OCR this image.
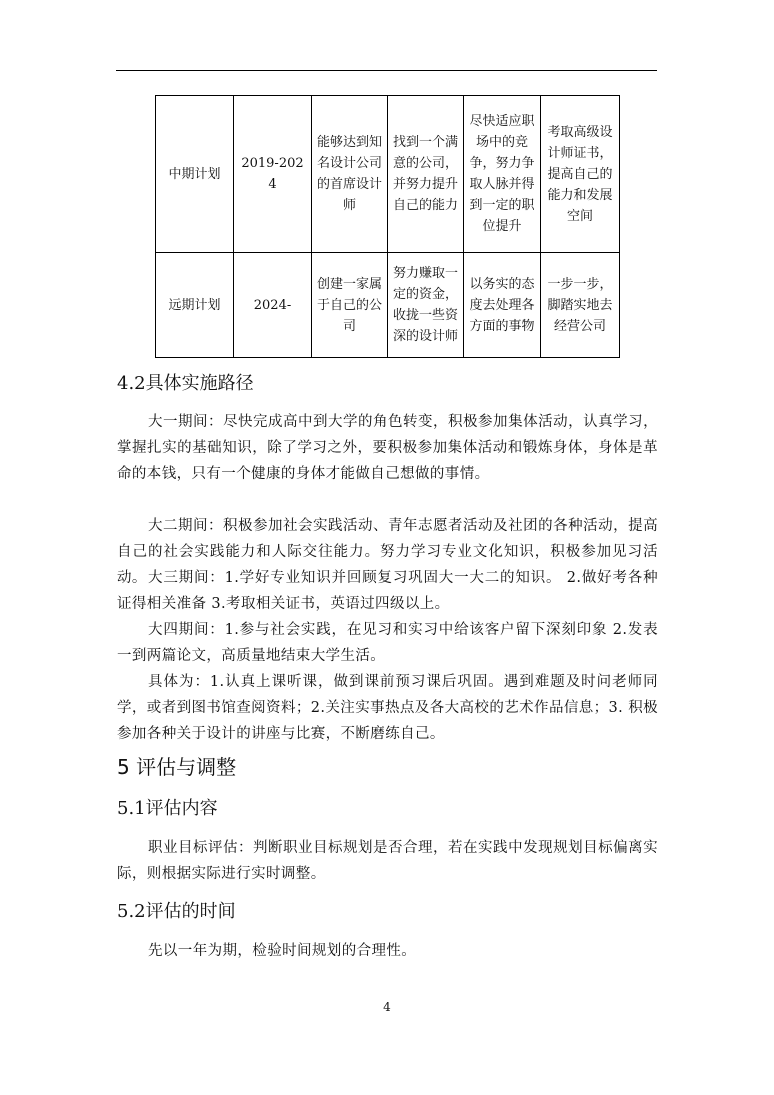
中期计划	2019-2024	能够达到知名设计公司的首席设计师	找到一个满意的公司，并努力提升自己的能力	尽快适应职场中的竞争，努力争取人脉并得到一定的职位提升	考取高级设计师证书，提高自己的能力和发展空间

远期计划	2024-	创建一家属于自己的公司	努力赚取一定的资金，收拢一些资深的设计师	以务实的态度去处理各方面的事物	一步一步，脚踏实地去经营公司
4.2具体实施路径

大一期间：尽快完成高中到大学的角色转变，积极参加集体活动，认真学习，掌握扎实的基础知识，除了学习之外，要积极参加集体活动和锻炼身体，身体是革命的本钱，只有一个健康的身体才能做自己想做的事情。

大二期间：积极参加社会实践活动、青年志愿者活动及社团的各种活动，提高自己的社会实践能力和人际交往能力。努力学习专业文化知识，积极参加见习活动。 大三期间：1.学好专业知识并回顾复习巩固大一大二的知识。 2.做好考各种证得相关准备 3.考取相关证书，英语过四级以上。

大四期间：1.参与社会实践，在见习和实习中给该客户留下深刻印象 2.发表一到两篇论文，高质量地结束大学生活。

具体为：1.认真上课听课，做到课前预习课后巩固。遇到难题及时问老师同学，或者到图书馆查阅资料；2.关注实事热点及各大高校的艺术作品信息；3. 积极参加各种关于设计的讲座与比赛，不断磨练自己。

5 评估与调整
5.1评估内容

职业目标评估：判断职业目标规划是否合理，若在实践中发现规划目标偏离实际，则根据实际进行实时调整。

5.2评估的时间

先以一年为期，检验时间规划的合理性。

4
